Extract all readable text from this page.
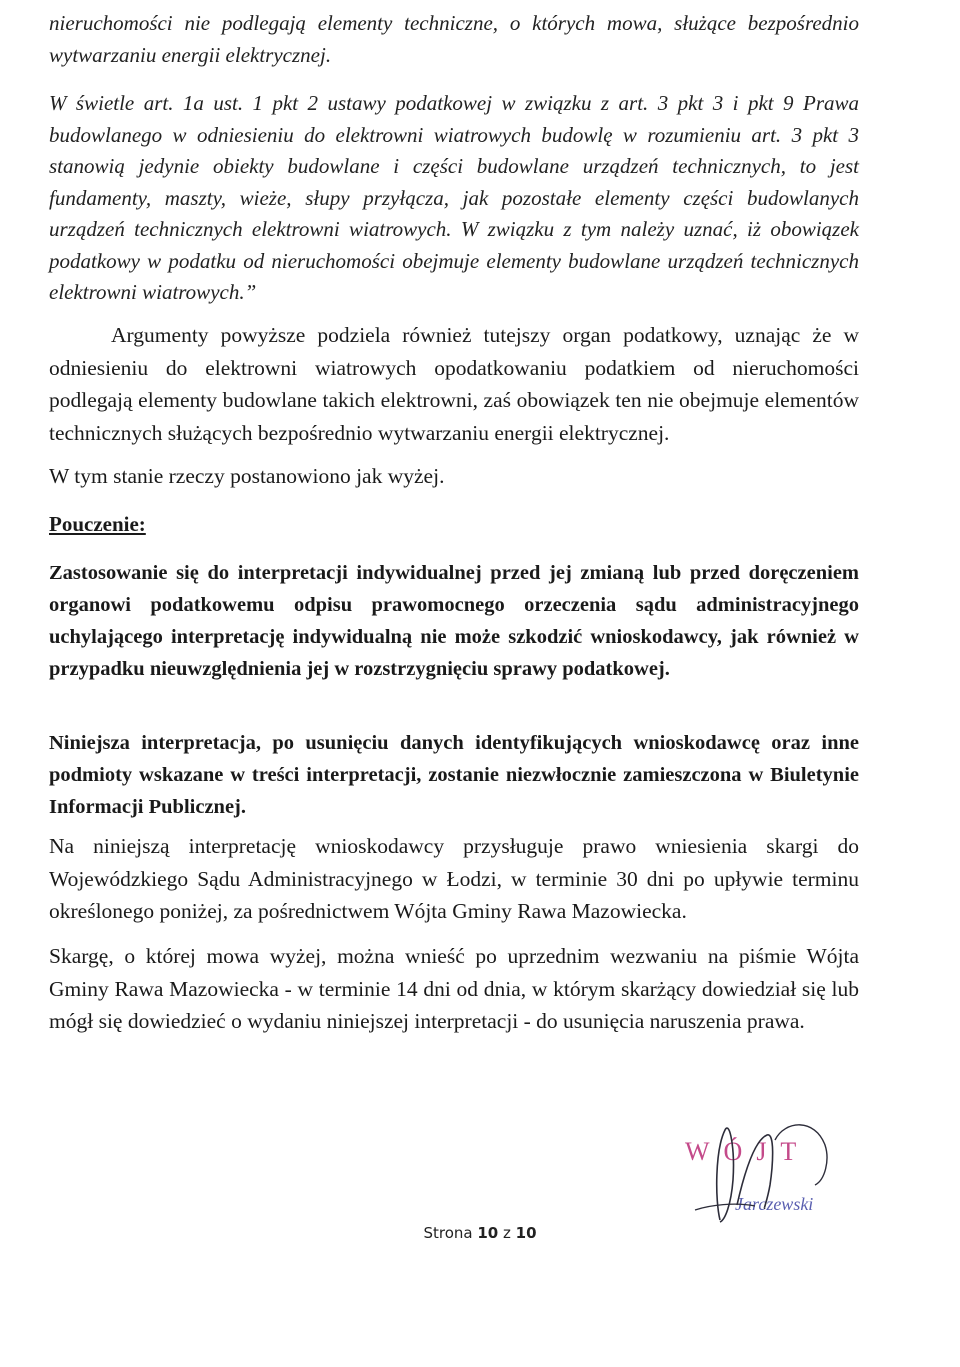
nieruchomości nie podlegają elementy techniczne, o których mowa, służące bezpośrednio wytwarzaniu energii elektrycznej.

W świetle art. 1a ust. 1 pkt 2 ustawy podatkowej w związku z art. 3 pkt 3 i pkt 9 Prawa budowlanego w odniesieniu do elektrowni wiatrowych budowlę w rozumieniu art. 3 pkt 3 stanowią jedynie obiekty budowlane i części budowlane urządzeń technicznych, to jest fundamenty, maszty, wieże, słupy przyłącza, jak pozostałe elementy części budowlanych urządzeń technicznych elektrowni wiatrowych. W związku z tym należy uznać, iż obowiązek podatkowy w podatku od nieruchomości obejmuje elementy budowlane urządzeń technicznych elektrowni wiatrowych.”

Argumenty powyższe podziela również tutejszy organ podatkowy, uznając że w odniesieniu do elektrowni wiatrowych opodatkowaniu podatkiem od nieruchomości podlegają elementy budowlane takich elektrowni, zaś obowiązek ten nie obejmuje elementów technicznych służących bezpośrednio wytwarzaniu energii elektrycznej.

W tym stanie rzeczy postanowiono jak wyżej.

Pouczenie:

Zastosowanie się do interpretacji indywidualnej przed jej zmianą lub przed doręczeniem organowi podatkowemu odpisu prawomocnego orzeczenia sądu administracyjnego uchylającego interpretację indywidualną nie może szkodzić wnioskodawcy, jak również w przypadku nieuwzględnienia jej w rozstrzygnięciu sprawy podatkowej.

Niniejsza interpretacja, po usunięciu danych identyfikujących wnioskodawcę oraz inne podmioty wskazane w treści interpretacji, zostanie niezwłocznie zamieszczona w Biuletynie Informacji Publicznej.

Na niniejszą interpretację wnioskodawcy przysługuje prawo wniesienia skargi do Wojewódzkiego Sądu Administracyjnego w Łodzi, w terminie 30 dni po upływie terminu określonego poniżej, za pośrednictwem Wójta Gminy Rawa Mazowiecka.

Skargę, o której mowa wyżej, można wnieść po uprzednim wezwaniu na piśmie Wójta Gminy Rawa Mazowiecka - w terminie 14 dni od dnia, w którym skarżący dowiedział się lub mógł się dowiedzieć o wydaniu niniejszej interpretacji - do usunięcia naruszenia prawa.

WÓJT
Jarczewski
Strona 10 z 10
